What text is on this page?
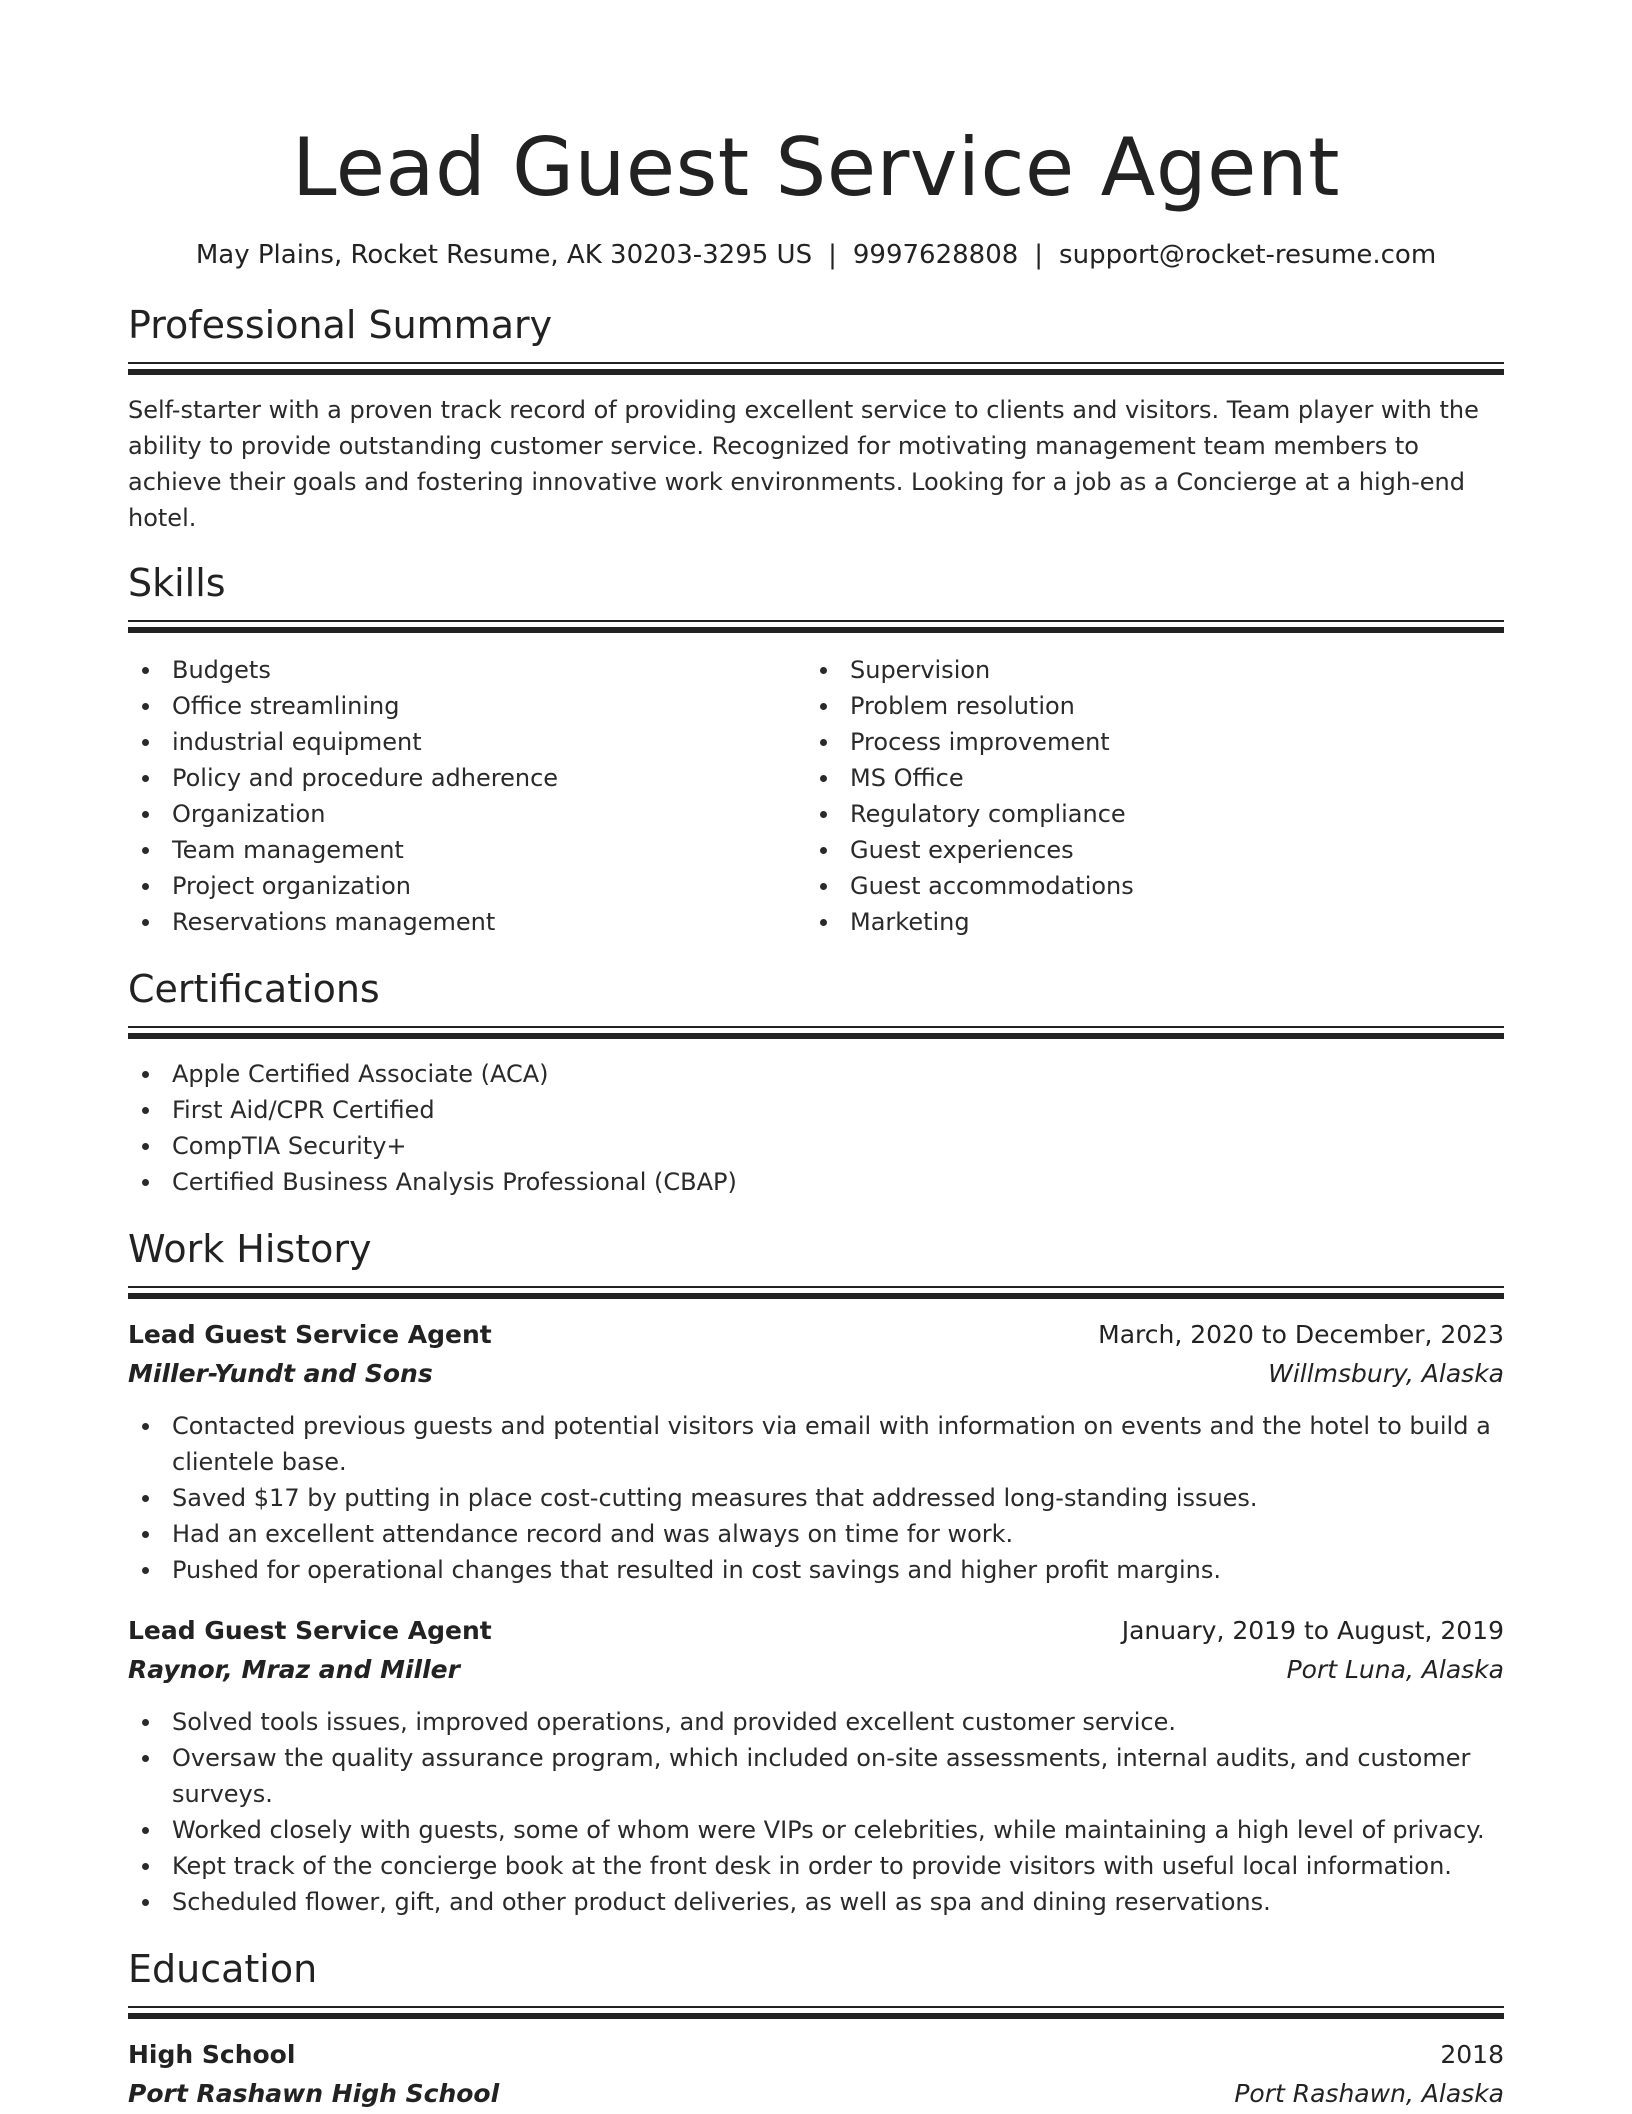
Lead Guest Service Agent
May Plains, Rocket Resume, AK 30203-3295 US | 9997628808 | support@rocket-resume.com
Professional Summary

Self-starter with a proven track record of providing excellent service to clients and visitors. Team player with the ability to provide outstanding customer service. Recognized for motivating management team members to achieve their goals and fostering innovative work environments. Looking for a job as a Concierge at a high-end hotel.

Skills
Budgets
Office streamlining
industrial equipment
Policy and procedure adherence
Organization
Team management
Project organization
Reservations management
Supervision
Problem resolution
Process improvement
MS Office
Regulatory compliance
Guest experiences
Guest accommodations
Marketing
Certifications
Apple Certified Associate (ACA)
First Aid/CPR Certified
CompTIA Security+
Certified Business Analysis Professional (CBAP)
Work History
Lead Guest Service Agent	March, 2020 to December, 2023
Miller-Yundt and Sons	Willmsbury, Alaska
Contacted previous guests and potential visitors via email with information on events and the hotel to build a clientele base.
Saved $17 by putting in place cost-cutting measures that addressed long-standing issues.
Had an excellent attendance record and was always on time for work.
Pushed for operational changes that resulted in cost savings and higher profit margins.
Lead Guest Service Agent	January, 2019 to August, 2019
Raynor, Mraz and Miller	Port Luna, Alaska
Solved tools issues, improved operations, and provided excellent customer service.
Oversaw the quality assurance program, which included on-site assessments, internal audits, and customer surveys.
Worked closely with guests, some of whom were VIPs or celebrities, while maintaining a high level of privacy.
Kept track of the concierge book at the front desk in order to provide visitors with useful local information.
Scheduled flower, gift, and other product deliveries, as well as spa and dining reservations.
Education
High School	2018
Port Rashawn High School	Port Rashawn, Alaska
